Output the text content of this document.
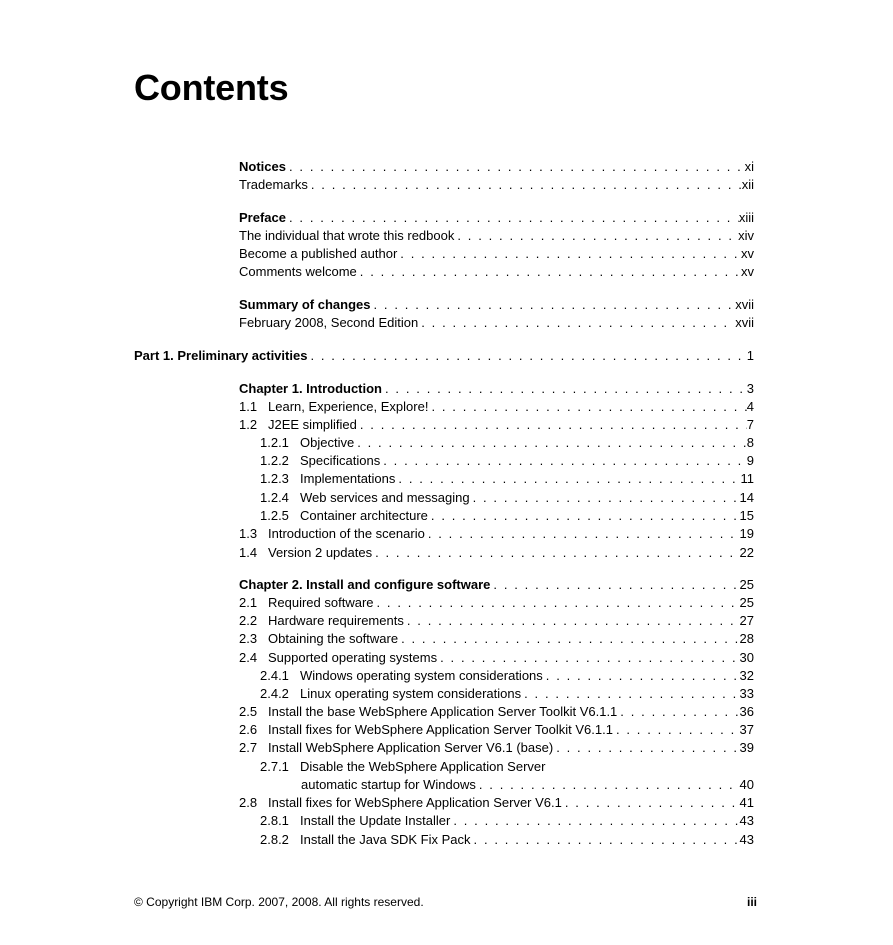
Contents
Notices . . .	xi
Trademarks . . .	xii
Preface . . .	xiii
The individual that wrote this redbook . . .	xiv
Become a published author . . .	xv
Comments welcome . . .	xv
Summary of changes . . .	xvii
February 2008, Second Edition . . .	xvii
Part 1. Preliminary activities . . .	1
Chapter 1. Introduction . . .	3
1.1 Learn, Experience, Explore! . . .	4
1.2 J2EE simplified . . .	7
1.2.1 Objective . . .	8
1.2.2 Specifications . . .	9
1.2.3 Implementations . . .	11
1.2.4 Web services and messaging . . .	14
1.2.5 Container architecture . . .	15
1.3 Introduction of the scenario . . .	19
1.4 Version 2 updates . . .	22
Chapter 2. Install and configure software . . .	25
2.1 Required software . . .	25
2.2 Hardware requirements . . .	27
2.3 Obtaining the software . . .	28
2.4 Supported operating systems . . .	30
2.4.1 Windows operating system considerations . . .	32
2.4.2 Linux operating system considerations . . .	33
2.5 Install the base WebSphere Application Server Toolkit V6.1.1 . . .	36
2.6 Install fixes for WebSphere Application Server Toolkit V6.1.1 . . .	37
2.7 Install WebSphere Application Server V6.1 (base) . . .	39
2.7.1 Disable the WebSphere Application Server
automatic startup for Windows . . .	40
2.8 Install fixes for WebSphere Application Server V6.1 . . .	41
2.8.1 Install the Update Installer . . .	43
2.8.2 Install the Java SDK Fix Pack . . .	43
© Copyright IBM Corp. 2007, 2008. All rights reserved.	iii
